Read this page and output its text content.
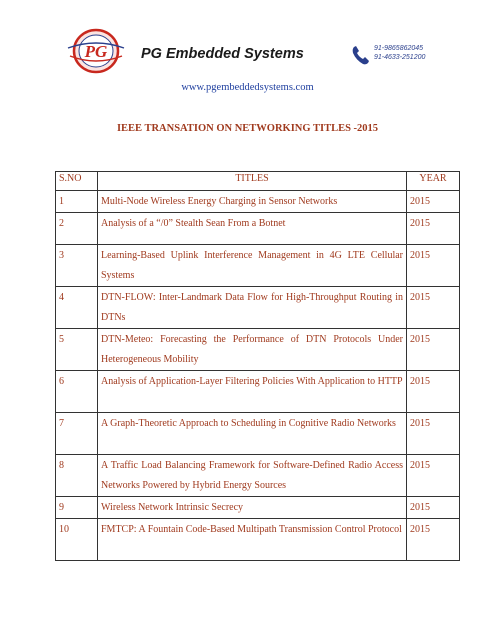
PG PG Embedded Systems	91-9865862045
91-4633-251200
www.pgembeddedsystems.com
IEEE TRANSATION ON NETWORKING TITLES -2015
S.NO	TITLES	YEAR
1	Multi-Node Wireless Energy Charging in Sensor Networks	2015
2	Analysis of a “/0” Stealth Sean From a Botnet	2015
3	Learning-Based Uplink Interference Management in 4G LTE Cellular Systems	2015
4	DTN-FLOW: Inter-Landmark Data Flow for High-Throughput Routing in DTNs	2015
5	DTN-Meteo: Forecasting the Performance of DTN Protocols Under Heterogeneous Mobility	2015
6	Analysis of Application-Layer Filtering Policies With Application to HTTP	2015
7	A Graph-Theoretic Approach to Scheduling in Cognitive Radio Networks	2015
8	A Traffic Load Balancing Framework for Software-Defined Radio Access Networks Powered by Hybrid Energy Sources	2015
9	Wireless Network Intrinsic Secrecy	2015
10	FMTCP: A Fountain Code-Based Multipath Transmission Control Protocol	2015
